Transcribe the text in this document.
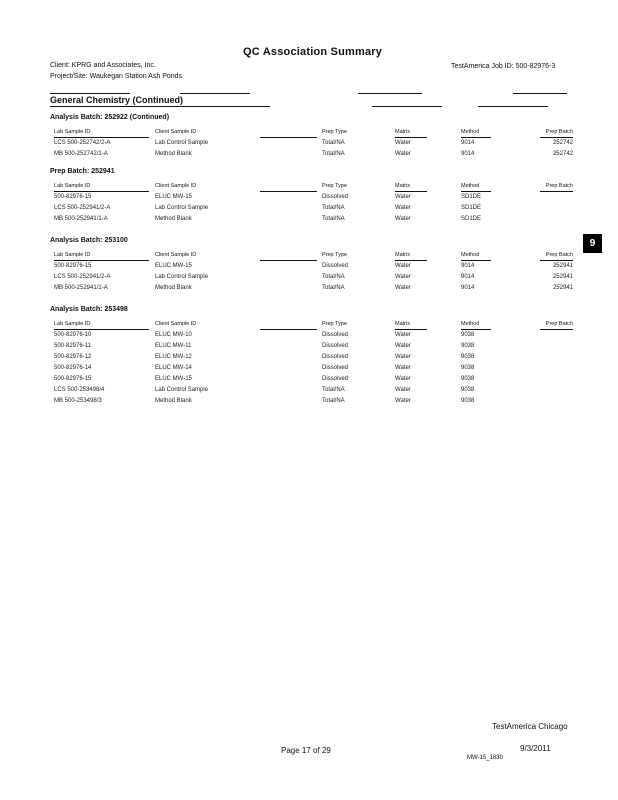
QC Association Summary
Client: KPRG and Associates, Inc.
Project/Site: Waukegan Station Ash Ponds
TestAmerica Job ID: 500-82976-3
General Chemistry (Continued)
Analysis Batch: 252922 (Continued)
Lab Sample ID	Client Sample ID	Prep Type	Matrix	Method	Prep Batch
LCS 500-252742/2-A	Lab Control Sample	Total/NA	Water	9014	252742
MB 500-252742/1-A	Method Blank	Total/NA	Water	9014	252742
Prep Batch: 252941
Lab Sample ID	Client Sample ID	Prep Type	Matrix	Method	Prep Batch
500-82976-15	ELUC MW-15	Dissolved	Water	SD1DE
LCS 500-252941/2-A	Lab Control Sample	Total/NA	Water	SD1DE
MB 500-252941/1-A	Method Blank	Total/NA	Water	SD1DE
Analysis Batch: 253100
Lab Sample ID	Client Sample ID	Prep Type	Matrix	Method	Prep Batch
500-82976-15	ELUC MW-15	Dissolved	Water	9014	252941
LCS 500-252941/2-A	Lab Control Sample	Total/NA	Water	9014	252941
MB 500-252941/1-A	Method Blank	Total/NA	Water	9014	252941
Analysis Batch: 253498
Lab Sample ID	Client Sample ID	Prep Type	Matrix	Method	Prep Batch
500-82976-10	ELUC MW-10	Dissolved	Water	9038
500-82976-11	ELUC MW-11	Dissolved	Water	9038
500-82976-12	ELUC MW-12	Dissolved	Water	9038
500-82976-14	ELUC MW-14	Dissolved	Water	9038
500-82976-15	ELUC MW-15	Dissolved	Water	9038
LCS 500-253498/4	Lab Control Sample	Total/NA	Water	9038
MB 500-253498/3	Method Blank	Total/NA	Water	9038
9
TestAmerica Chicago
Page 17 of 29	9/3/2011
MW-15_1830
